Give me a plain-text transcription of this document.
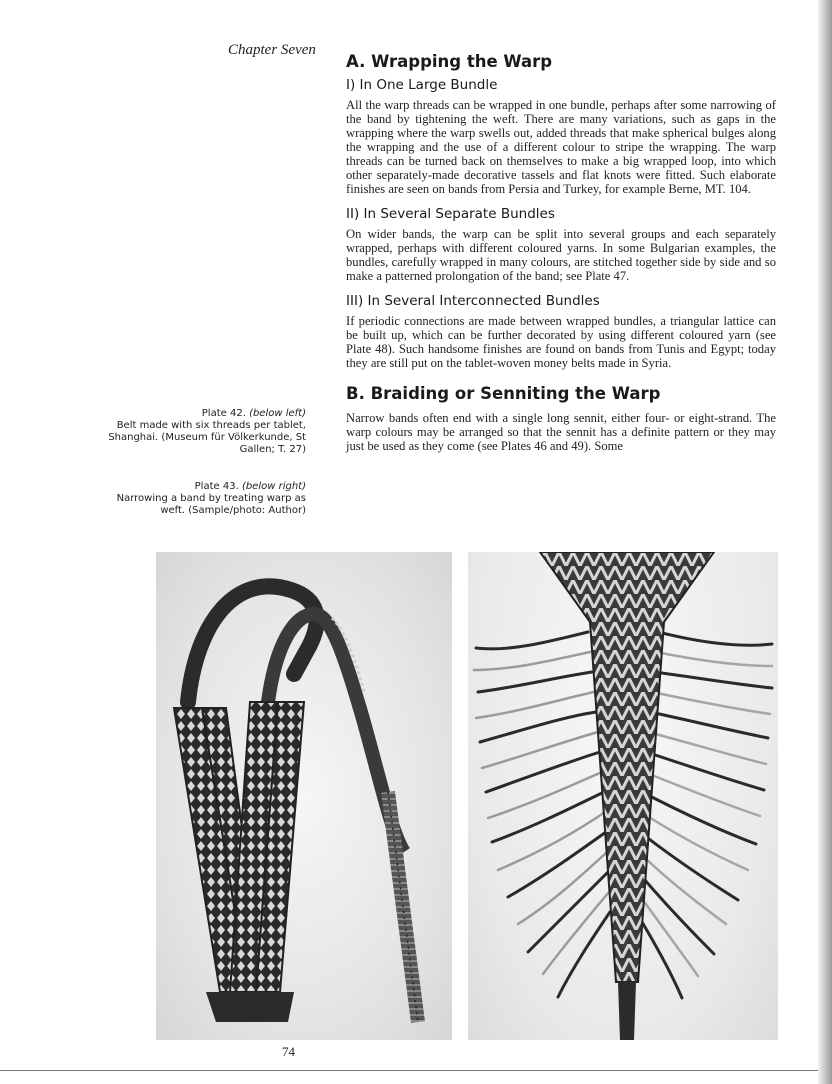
Chapter Seven
A. Wrapping the Warp
I) In One Large Bundle

All the warp threads can be wrapped in one bundle, perhaps after some narrowing of the band by tightening the weft. There are many variations, such as gaps in the wrapping where the warp swells out, added threads that make spherical bulges along the wrapping and the use of a different colour to stripe the wrapping. The warp threads can be turned back on themselves to make a big wrapped loop, into which other separately-made decorative tassels and flat knots were fitted. Such elaborate finishes are seen on bands from Persia and Turkey, for example Berne, MT. 104.

II) In Several Separate Bundles

On wider bands, the warp can be split into several groups and each separately wrapped, perhaps with different coloured yarns. In some Bulgarian examples, the bundles, carefully wrapped in many colours, are stitched together side by side and so make a patterned prolongation of the band; see Plate 47.

III) In Several Interconnected Bundles

If periodic connections are made between wrapped bundles, a triangular lattice can be built up, which can be further decorated by using different coloured yarn (see Plate 48). Such handsome finishes are found on bands from Tunis and Egypt; today they are still put on the tablet-woven money belts made in Syria.

B. Braiding or Senniting the Warp

Narrow bands often end with a single long sennit, either four- or eight-strand. The warp colours may be arranged so that the sennit has a definite pattern or they may just be used as they come (see Plates 46 and 49). Some

Plate 42. (below left)
Belt made with six threads per tablet, Shanghai. (Museum für Völkerkunde, St Gallen; T. 27)
Plate 43. (below right)
Narrowing a band by treating warp as weft. (Sample/photo: Author)
74
